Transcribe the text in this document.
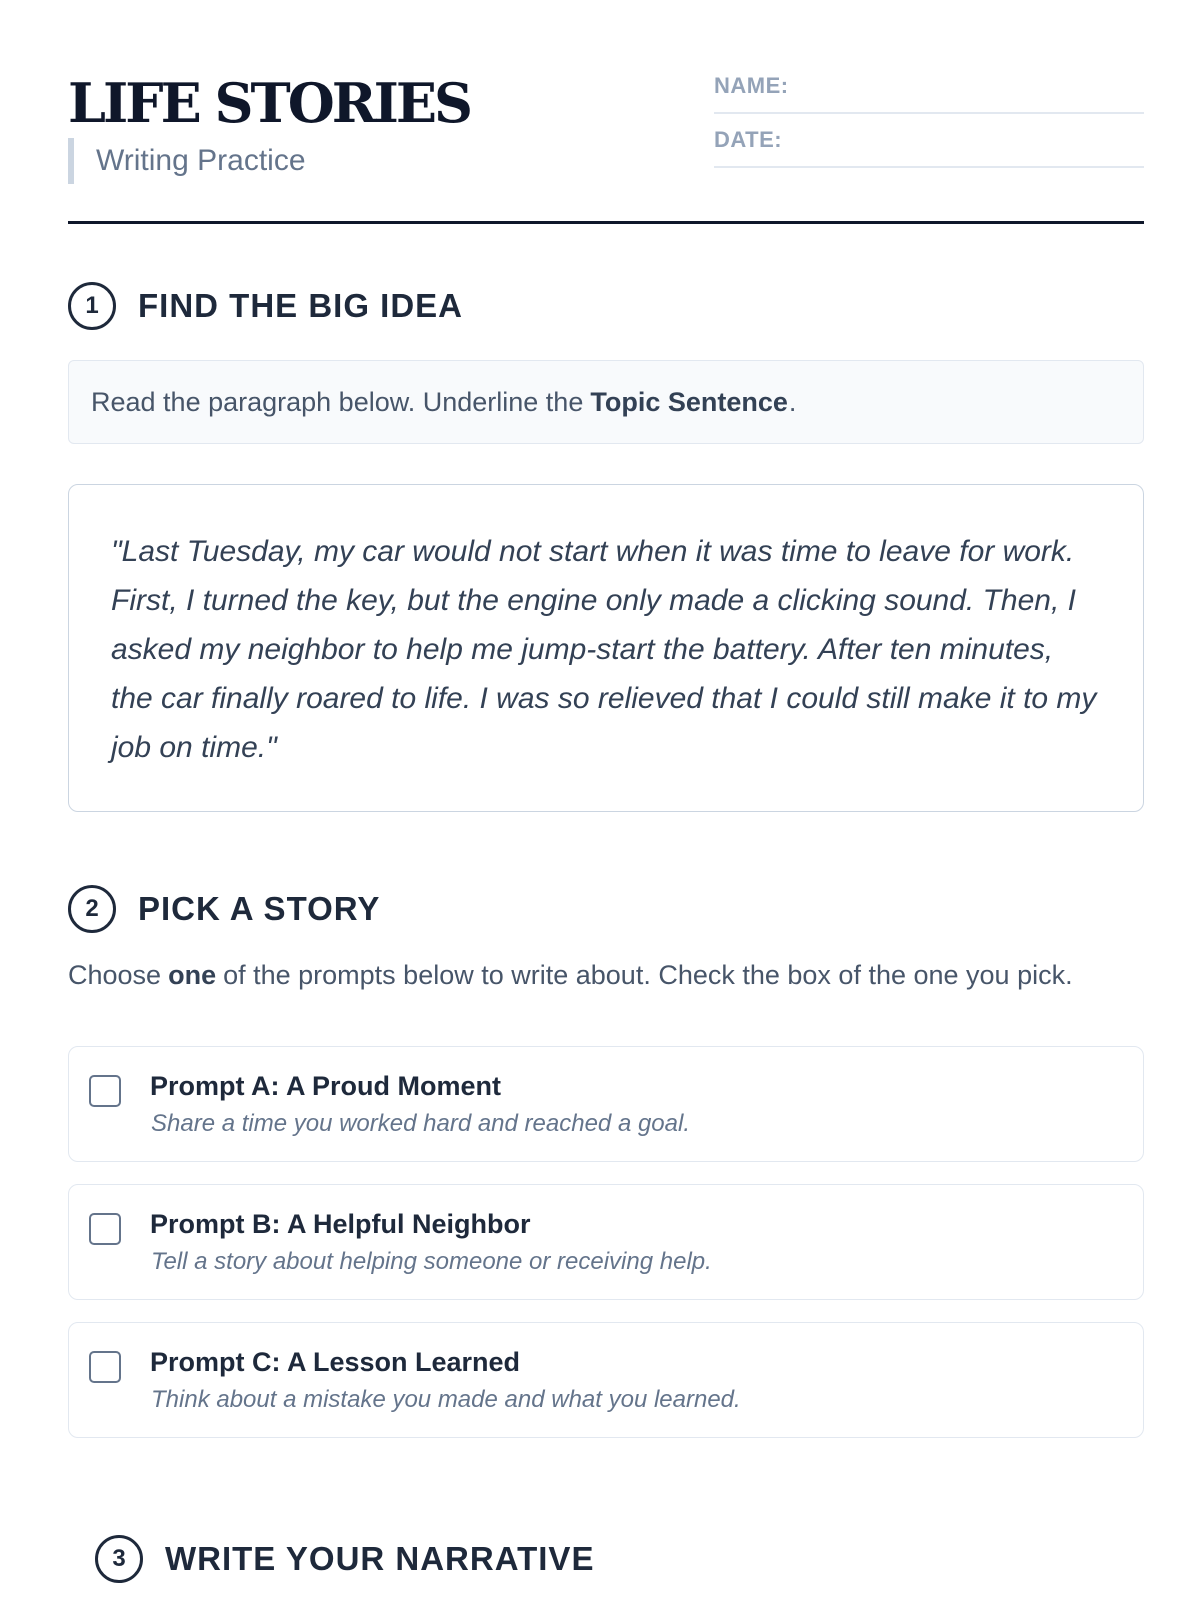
LIFE STORIES
Writing Practice
NAME:
DATE:
1	FIND THE BIG IDEA
Read the paragraph below. Underline the Topic Sentence .
"Last Tuesday, my car would not start when it was time to leave for work. First, I turned the key, but the engine only made a clicking sound. Then, I asked my neighbor to help me jump-start the battery. After ten minutes, the car finally roared to life. I was so relieved that I could still make it to my job on time."
2	PICK A STORY
Choose one of the prompts below to write about. Check the box of the one you pick.
Prompt A: A Proud Moment
Share a time you worked hard and reached a goal.
Prompt B: A Helpful Neighbor
Tell a story about helping someone or receiving help.
Prompt C: A Lesson Learned
Think about a mistake you made and what you learned.
3	WRITE YOUR NARRATIVE
